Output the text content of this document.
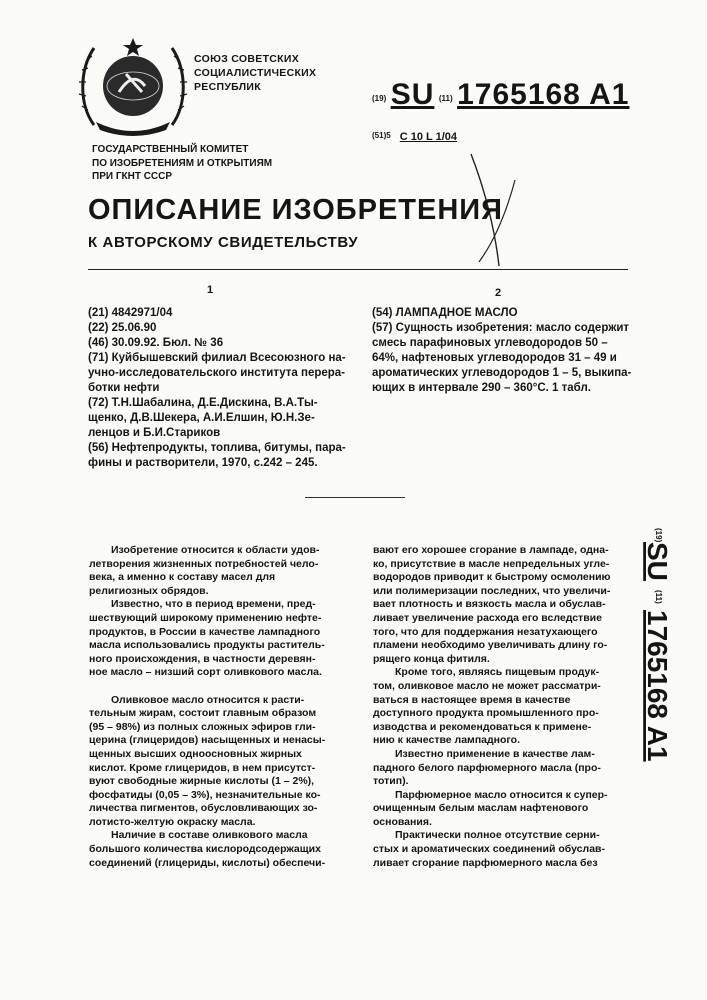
СОЮЗ СОВЕТСКИХ
СОЦИАЛИСТИЧЕСКИХ
РЕСПУБЛИК
(19) SU (11) 1765168 A1
(51)5 C 10 L 1/04
ГОСУДАРСТВЕННЫЙ КОМИТЕТ
ПО ИЗОБРЕТЕНИЯМ И ОТКРЫТИЯМ
ПРИ ГКНТ СССР
ОПИСАНИЕ ИЗОБРЕТЕНИЯ
К АВТОРСКОМУ СВИДЕТЕЛЬСТВУ
1	2
(21) 4842971/04
(22) 25.06.90
(46) 30.09.92. Бюл. № 36
(71) Куйбышевский филиал Всесоюзного на-
учно-исследовательского института перера-
ботки нефти
(72) Т.Н.Шабалина, Д.Е.Дискина, В.А.Ты-
щенко, Д.В.Шекера, А.И.Елшин, Ю.Н.Зе-
ленцов и Б.И.Стариков
(56) Нефтепродукты, топлива, битумы, пара-
фины и растворители, 1970, с.242 – 245.
(54) ЛАМПАДНОЕ МАСЛО
(57) Сущность изобретения: масло содержит
смесь парафиновых углеводородов 50 –
64%, нафтеновых углеводородов 31 – 49 и
ароматических углеводородов 1 – 5, выкипа-
ющих в интервале 290 – 360°С. 1 табл.
Изобретение относится к области удов-
летворения жизненных потребностей чело-
века, а именно к составу масел для
религиозных обрядов.
Известно, что в период времени, пред-
шествующий широкому применению нефте-
продуктов, в России в качестве лампадного
масла использовались продукты раститель-
ного происхождения, в частности деревян-
ное масло – низший сорт оливкового масла.
Оливковое масло относится к расти-
тельным жирам, состоит главным образом
(95 – 98%) из полных сложных эфиров гли-
церина (глицеридов) насыщенных и ненасы-
щенных высших одноосновных жирных
кислот. Кроме глицеридов, в нем присутст-
вуют свободные жирные кислоты (1 – 2%),
фосфатиды (0,05 – 3%), незначительные ко-
личества пигментов, обусловливающих зо-
лотисто-желтую окраску масла.
Наличие в составе оливкового масла
большого количества кислородсодержащих
соединений (глицериды, кислоты) обеспечи-
вают его хорошее сгорание в лампаде, одна-
ко, присутствие в масле непредельных угле-
водородов приводит к быстрому осмолению
или полимеризации последних, что увеличи-
вает плотность и вязкость масла и обуслав-
ливает увеличение расхода его вследствие
того, что для поддержания незатухающего
пламени необходимо увеличивать длину го-
рящего конца фитиля.
Кроме того, являясь пищевым продук-
том, оливковое масло не может рассматри-
ваться в настоящее время в качестве
доступного продукта промышленного про-
изводства и рекомендоваться к примене-
нию к качестве лампадного.
Известно применение в качестве лам-
падного белого парфюмерного масла (про-
тотип).
Парфюмерное масло относится к супер-
очищенным белым маслам нафтенового
основания.
Практически полное отсутствие серни-
стых и ароматических соединений обуслав-
ливает сгорание парфюмерного масла без
(19)
SU
(11)
1765168 A1
